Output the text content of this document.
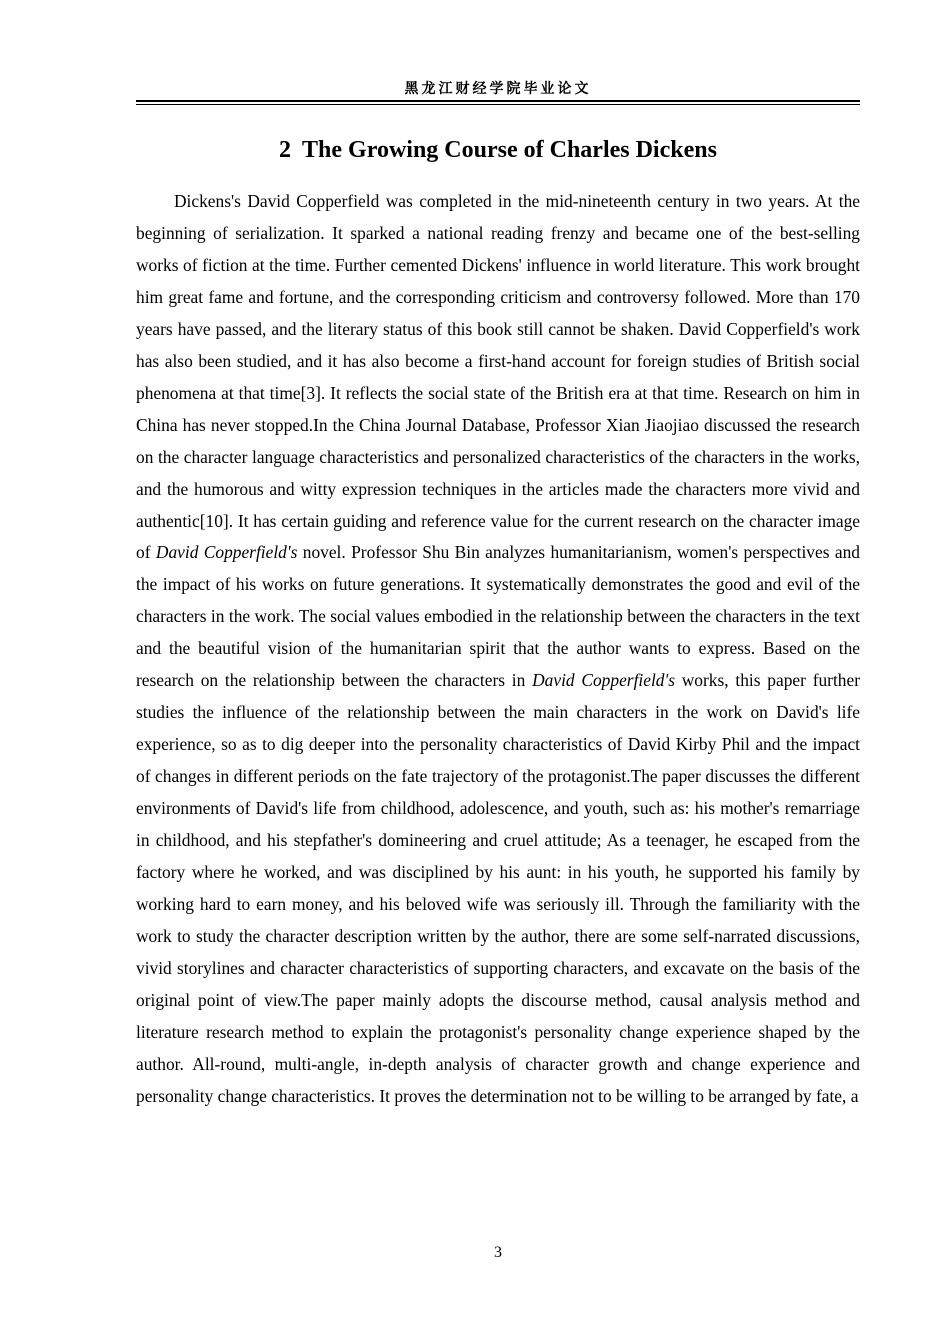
黑龙江财经学院毕业论文
2 The Growing Course of Charles Dickens

Dickens's David Copperfield was completed in the mid-nineteenth century in two years. At the beginning of serialization. It sparked a national reading frenzy and became one of the best-selling works of fiction at the time. Further cemented Dickens' influence in world literature. This work brought him great fame and fortune, and the corresponding criticism and controversy followed. More than 170 years have passed, and the literary status of this book still cannot be shaken. David Copperfield's work has also been studied, and it has also become a first-hand account for foreign studies of British social phenomena at that time[3]. It reflects the social state of the British era at that time. Research on him in China has never stopped.In the China Journal Database, Professor Xian Jiaojiao discussed the research on the character language characteristics and personalized characteristics of the characters in the works, and the humorous and witty expression techniques in the articles made the characters more vivid and authentic[10]. It has certain guiding and reference value for the current research on the character image of David Copperfield's novel. Professor Shu Bin analyzes humanitarianism, women's perspectives and the impact of his works on future generations. It systematically demonstrates the good and evil of the characters in the work. The social values embodied in the relationship between the characters in the text and the beautiful vision of the humanitarian spirit that the author wants to express. Based on the research on the relationship between the characters in David Copperfield's works, this paper further studies the influence of the relationship between the main characters in the work on David's life experience, so as to dig deeper into the personality characteristics of David Kirby Phil and the impact of changes in different periods on the fate trajectory of the protagonist.The paper discusses the different environments of David's life from childhood, adolescence, and youth, such as: his mother's remarriage in childhood, and his stepfather's domineering and cruel attitude; As a teenager, he escaped from the factory where he worked, and was disciplined by his aunt: in his youth, he supported his family by working hard to earn money, and his beloved wife was seriously ill. Through the familiarity with the work to study the character description written by the author, there are some self-narrated discussions, vivid storylines and character characteristics of supporting characters, and excavate on the basis of the original point of view.The paper mainly adopts the discourse method, causal analysis method and literature research method to explain the protagonist's personality change experience shaped by the author. All-round, multi-angle, in-depth analysis of character growth and change experience and personality change characteristics. It proves the determination not to be willing to be arranged by fate, a

3
